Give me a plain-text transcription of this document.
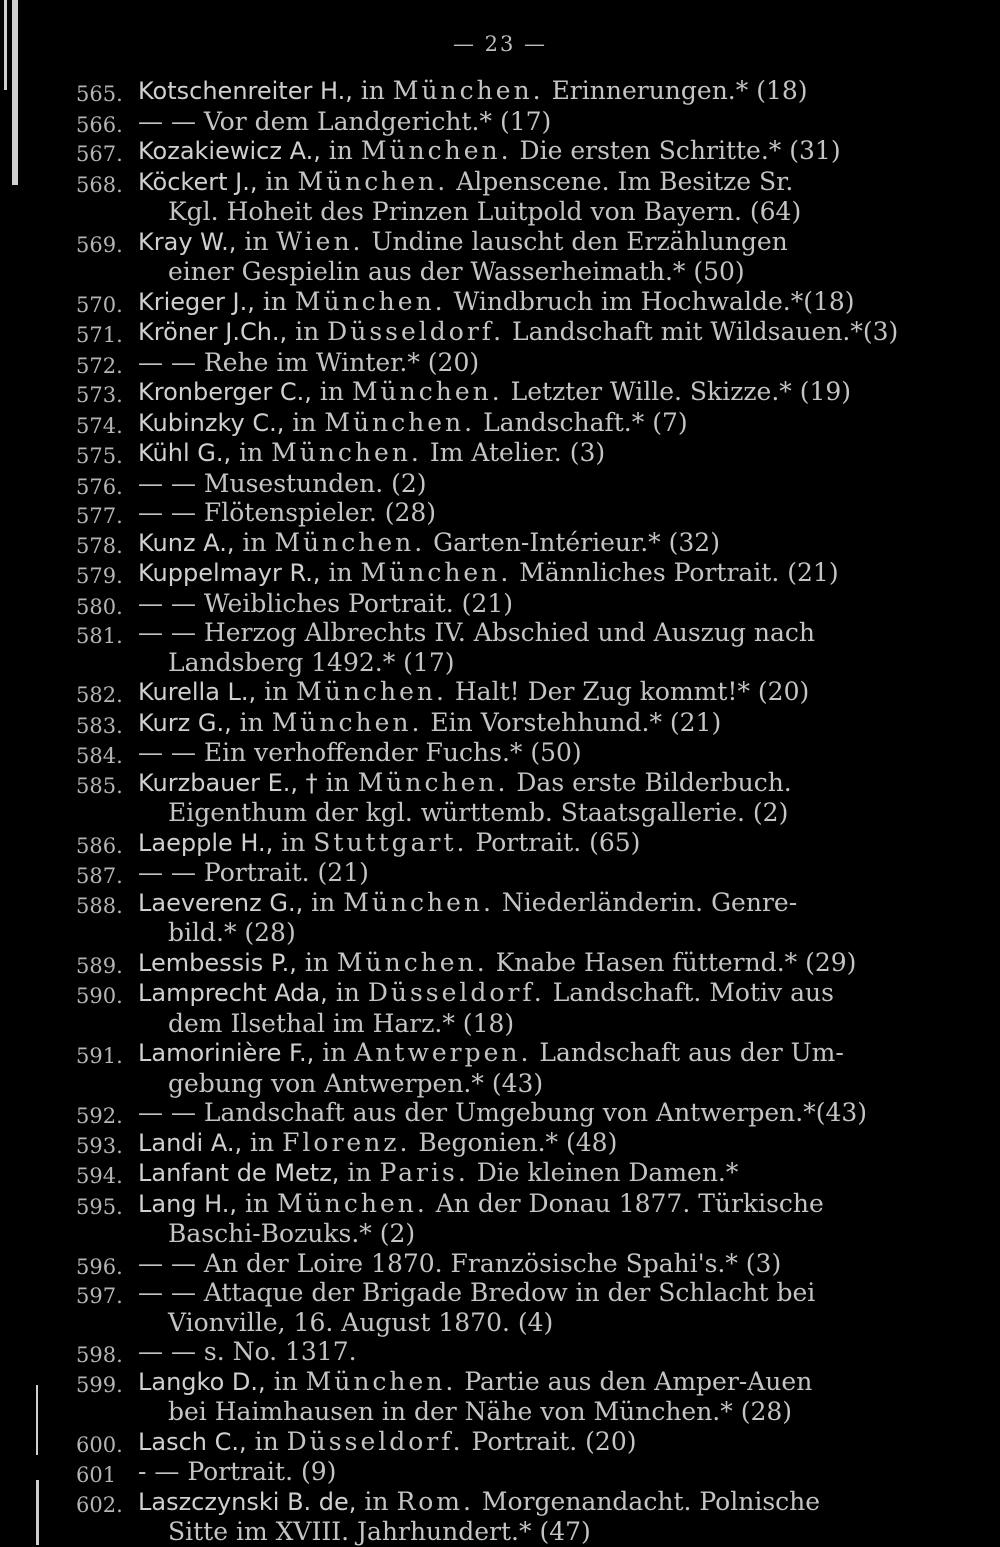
— 23 —
565. Kotschenreiter H., in München. Erinnerungen.* (18)
566. — — Vor dem Landgericht.* (17)
567. Kozakiewicz A., in München. Die ersten Schritte.* (31)
568. Köckert J., in München. Alpenscene. Im Besitze Sr.
Kgl. Hoheit des Prinzen Luitpold von Bayern. (64)
569. Kray W., in Wien. Undine lauscht den Erzählungen
einer Gespielin aus der Wasserheimath.* (50)
570. Krieger J., in München. Windbruch im Hochwalde.*(18)
571. Kröner J.Ch., in Düsseldorf. Landschaft mit Wildsauen.*(3)
572. — — Rehe im Winter.* (20)
573. Kronberger C., in München. Letzter Wille. Skizze.* (19)
574. Kubinzky C., in München. Landschaft.* (7)
575. Kühl G., in München. Im Atelier. (3)
576. — — Musestunden. (2)
577. — — Flötenspieler. (28)
578. Kunz A., in München. Garten-Intérieur.* (32)
579. Kuppelmayr R., in München. Männliches Portrait. (21)
580. — — Weibliches Portrait. (21)
581. — — Herzog Albrechts IV. Abschied und Auszug nach
Landsberg 1492.* (17)
582. Kurella L., in München. Halt! Der Zug kommt!* (20)
583. Kurz G., in München. Ein Vorstehhund.* (21)
584. — — Ein verhoffender Fuchs.* (50)
585. Kurzbauer E., † in München. Das erste Bilderbuch.
Eigenthum der kgl. württemb. Staatsgallerie. (2)
586. Laepple H., in Stuttgart. Portrait. (65)
587. — — Portrait. (21)
588. Laeverenz G., in München. Niederländerin. Genre-
bild.* (28)
589. Lembessis P., in München. Knabe Hasen fütternd.* (29)
590. Lamprecht Ada, in Düsseldorf. Landschaft. Motiv aus
dem Ilsethal im Harz.* (18)
591. Lamorinière F., in Antwerpen. Landschaft aus der Um-
gebung von Antwerpen.* (43)
592. — — Landschaft aus der Umgebung von Antwerpen.*(43)
593. Landi A., in Florenz. Begonien.* (48)
594. Lanfant de Metz, in Paris. Die kleinen Damen.*
595. Lang H., in München. An der Donau 1877. Türkische
Baschi-Bozuks.* (2)
596. — — An der Loire 1870. Französische Spahi's.* (3)
597. — — Attaque der Brigade Bredow in der Schlacht bei
Vionville, 16. August 1870. (4)
598. — — s. No. 1317.
599. Langko D., in München. Partie aus den Amper-Auen
bei Haimhausen in der Nähe von München.* (28)
600. Lasch C., in Düsseldorf. Portrait. (20)
601 - — Portrait. (9)
602. Laszczynski B. de, in Rom. Morgenandacht. Polnische
Sitte im XVIII. Jahrhundert.* (47)
